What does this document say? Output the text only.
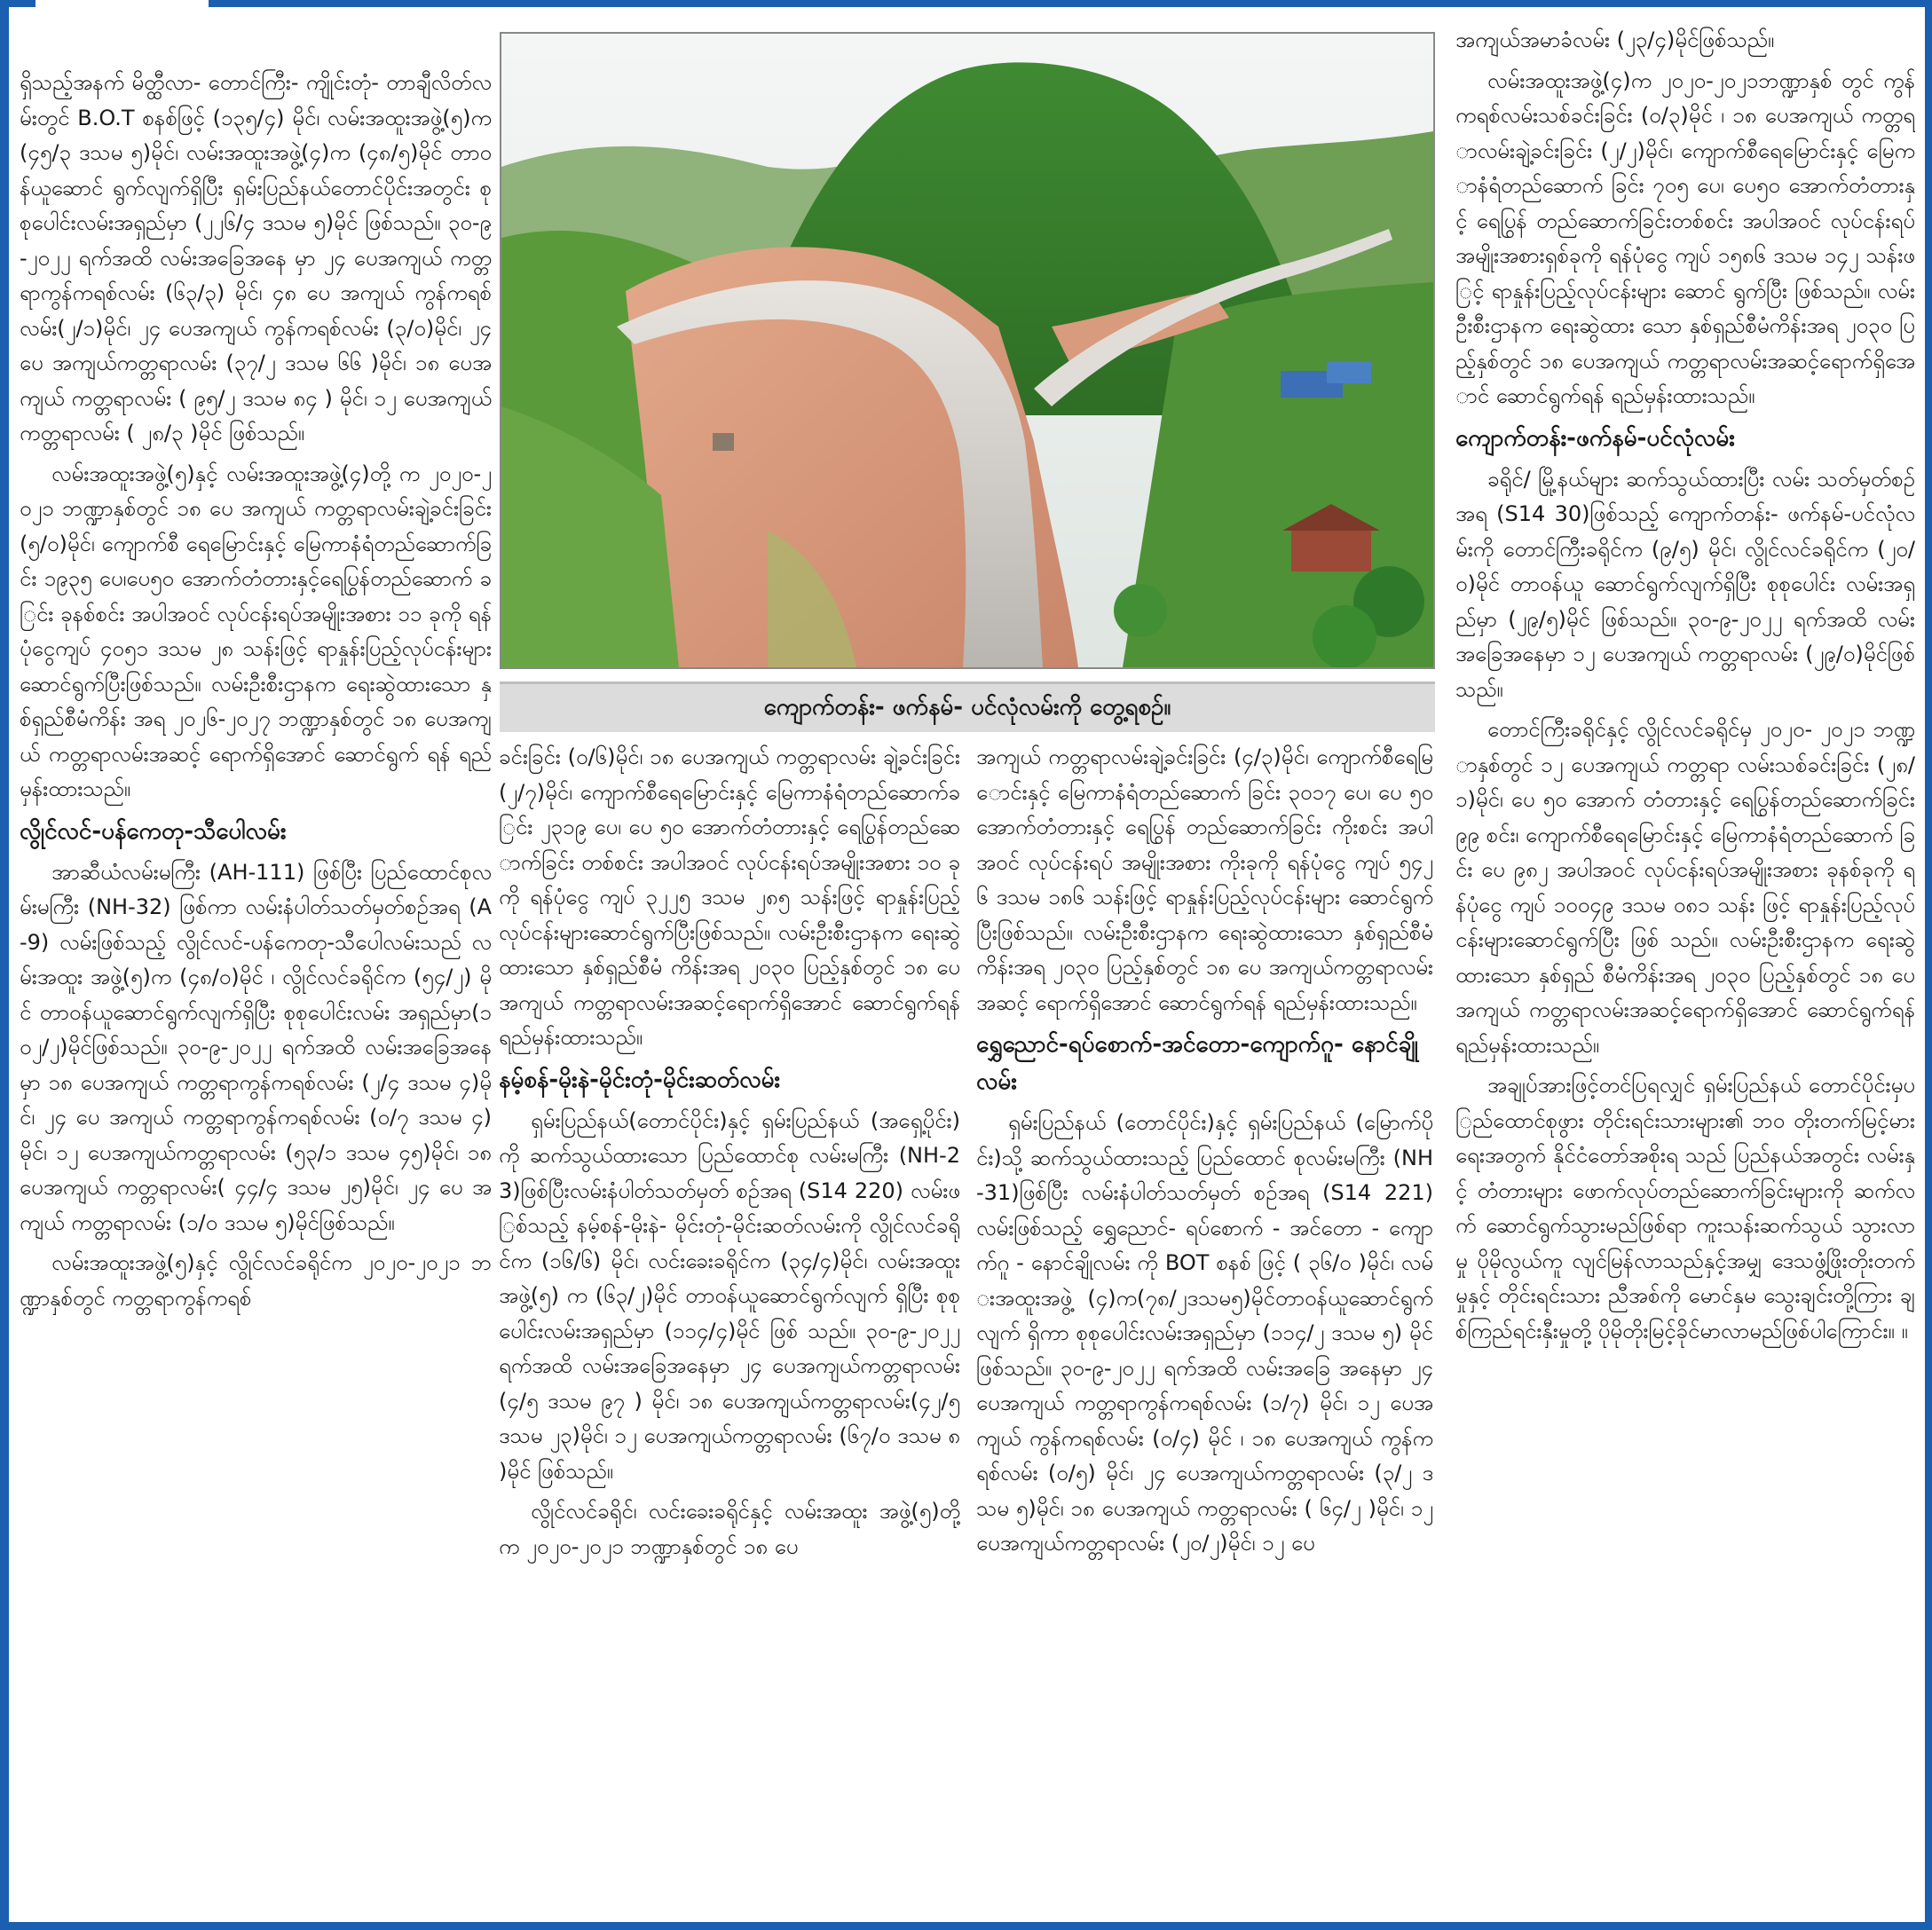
ရှိသည့်အနက် မိတ္ထီလာ- တောင်ကြီး- ကျိုင်းတုံ- တာချီလိတ်လမ်းတွင် B.O.T စနစ်ဖြင့် (၁၃၅/၄) မိုင်၊ လမ်းအထူးအဖွဲ့(၅)က (၄၅/၃ ဒသမ ၅)မိုင်၊ လမ်းအထူးအဖွဲ့(၄)က (၄၈/၅)မိုင် တာဝန်ယူဆောင် ရွက်လျက်ရှိပြီး ရှမ်းပြည်နယ်တောင်ပိုင်းအတွင်း စုစုပေါင်းလမ်းအရှည်မှာ (၂၂၆/၄ ဒသမ ၅)မိုင် ဖြစ်သည်။ ၃၀-၉-၂၀၂၂ ရက်အထိ လမ်းအခြေအနေ မှာ ၂၄ ပေအကျယ် ကတ္တရာကွန်ကရစ်လမ်း (၆၃/၃) မိုင်၊ ၄၈ ပေ အကျယ် ကွန်ကရစ်လမ်း(၂/၁)မိုင်၊ ၂၄ ပေအကျယ် ကွန်ကရစ်လမ်း (၃/၀)မိုင်၊ ၂၄ ပေ အကျယ်ကတ္တရာလမ်း (၃၇/၂ ဒသမ ၆၆ )မိုင်၊ ၁၈ ပေအကျယ် ကတ္တရာလမ်း ( ၉၅/၂ ဒသမ ၈၄ ) မိုင်၊ ၁၂ ပေအကျယ် ကတ္တရာလမ်း ( ၂၈/၃ )မိုင် ဖြစ်သည်။

လမ်းအထူးအဖွဲ့(၅)နှင့် လမ်းအထူးအဖွဲ့(၄)တို့ က ၂၀၂၀-၂၀၂၁ ဘဏ္ဍာနှစ်တွင် ၁၈ ပေ အကျယ် ကတ္တရာလမ်းချဲ့ခင်းခြင်း (၅/၀)မိုင်၊ ကျောက်စီ ရေမြောင်းနှင့် မြေကာနံရံတည်ဆောက်ခြင်း ၁၉၃၅ ပေ၊ပေ၅၀ အောက်တံတားနှင့်ရေပြွန်တည်ဆောက် ခြင်း ခုနစ်စင်း အပါအဝင် လုပ်ငန်းရပ်အမျိုးအစား ၁၁ ခုကို ရန်ပုံငွေကျပ် ၄၀၅၁ ဒသမ ၂၈ သန်းဖြင့် ရာနှုန်းပြည့်လုပ်ငန်းများ ဆောင်ရွက်ပြီးဖြစ်သည်။ လမ်းဦးစီးဌာနက ရေးဆွဲထားသော နှစ်ရှည်စီမံကိန်း အရ ၂၀၂၆-၂၀၂၇ ဘဏ္ဍာနှစ်တွင် ၁၈ ပေအကျယ် ကတ္တရာလမ်းအဆင့် ရောက်ရှိအောင် ဆောင်ရွက် ရန် ရည်မှန်းထားသည်။

လွိုင်လင်-ပန်ကေတု-သီပေါလမ်း

အာဆီယံလမ်းမကြီး (AH-111) ဖြစ်ပြီး ပြည်ထောင်စုလမ်းမကြီး (NH-32) ဖြစ်ကာ လမ်းနံပါတ်သတ်မှတ်စဉ်အရ (A-9) လမ်းဖြစ်သည့် လွိုင်လင်-ပန်ကေတု-သီပေါလမ်းသည် လမ်းအထူး အဖွဲ့(၅)က (၄၈/၀)မိုင် ၊ လွိုင်လင်ခရိုင်က (၅၄/၂) မိုင် တာဝန်ယူဆောင်ရွက်လျက်ရှိပြီး စုစုပေါင်းလမ်း အရှည်မှာ(၁၀၂/၂)မိုင်ဖြစ်သည်။ ၃၀-၉-၂၀၂၂ ရက်အထိ လမ်းအခြေအနေမှာ ၁၈ ပေအကျယ် ကတ္တရာကွန်ကရစ်လမ်း (၂/၄ ဒသမ ၄)မိုင်၊ ၂၄ ပေ အကျယ် ကတ္တရာကွန်ကရစ်လမ်း (၀/၇ ဒသမ ၄) မိုင်၊ ၁၂ ပေအကျယ်ကတ္တရာလမ်း (၅၃/၁ ဒသမ ၄၅)မိုင်၊ ၁၈ ပေအကျယ် ကတ္တရာလမ်း( ၄၄/၄ ဒသမ ၂၅)မိုင်၊ ၂၄ ပေ အကျယ် ကတ္တရာလမ်း (၁/၀ ဒသမ ၅)မိုင်ဖြစ်သည်။

လမ်းအထူးအဖွဲ့(၅)နှင့် လွိုင်လင်ခရိုင်က ၂၀၂၀-၂၀၂၁ ဘဏ္ဍာနှစ်တွင် ကတ္တရာကွန်ကရစ်

ကျောက်တန်း- ဖက်နမ်- ပင်လုံလမ်းကို တွေ့ရစဉ်။

ခင်းခြင်း (၀/၆)မိုင်၊ ၁၈ ပေအကျယ် ကတ္တရာလမ်း ချဲ့ခင်းခြင်း (၂/၇)မိုင်၊ ကျောက်စီရေမြောင်းနှင့် မြေကာနံရံတည်ဆောက်ခြင်း ၂၃၁၉ ပေ၊ ပေ ၅၀ အောက်တံတားနှင့် ရေပြွန်တည်ဆောက်ခြင်း တစ်စင်း အပါအဝင် လုပ်ငန်းရပ်အမျိုးအစား ၁၀ ခုကို ရန်ပုံငွေ ကျပ် ၃၂၂၅ ဒသမ ၂၈၅ သန်းဖြင့် ရာနှုန်းပြည့် လုပ်ငန်းများဆောင်ရွက်ပြီးဖြစ်သည်။ လမ်းဦးစီးဌာနက ရေးဆွဲထားသော နှစ်ရှည်စီမံ ကိန်းအရ ၂၀၃၀ ပြည့်နှစ်တွင် ၁၈ ပေအကျယ် ကတ္တရာလမ်းအဆင့်ရောက်ရှိအောင် ဆောင်ရွက်ရန် ရည်မှန်းထားသည်။

နမ့်စန်-မိုးနဲ-မိုင်းတုံ-မိုင်းဆတ်လမ်း

ရှမ်းပြည်နယ်(တောင်ပိုင်း)နှင့် ရှမ်းပြည်နယ် (အရှေ့ပိုင်း)ကို ဆက်သွယ်ထားသော ပြည်ထောင်စု လမ်းမကြီး (NH-23)ဖြစ်ပြီးလမ်းနံပါတ်သတ်မှတ် စဉ်အရ (S14 220) လမ်းဖြစ်သည့် နမ့်စန်-မိုးနဲ- မိုင်းတုံ-မိုင်းဆတ်လမ်းကို လွိုင်လင်ခရိုင်က (၁၆/၆) မိုင်၊ လင်းခေးခရိုင်က (၃၄/၄)မိုင်၊ လမ်းအထူးအဖွဲ့(၅) က (၆၃/၂)မိုင် တာဝန်ယူဆောင်ရွက်လျက် ရှိပြီး စုစုပေါင်းလမ်းအရှည်မှာ (၁၁၄/၄)မိုင် ဖြစ် သည်။ ၃၀-၉-၂၀၂၂ ရက်အထိ လမ်းအခြေအနေမှာ ၂၄ ပေအကျယ်ကတ္တရာလမ်း(၄/၅ ဒသမ ၉၇ ) မိုင်၊ ၁၈ ပေအကျယ်ကတ္တရာလမ်း(၄၂/၅ ဒသမ ၂၃)မိုင်၊ ၁၂ ပေအကျယ်ကတ္တရာလမ်း (၆၇/၀ ဒသမ ၈ )မိုင် ဖြစ်သည်။

လွိုင်လင်ခရိုင်၊ လင်းခေးခရိုင်နှင့် လမ်းအထူး အဖွဲ့(၅)တို့က ၂၀၂၀-၂၀၂၁ ဘဏ္ဍာနှစ်တွင် ၁၈ ပေ

အကျယ် ကတ္တရာလမ်းချဲ့ခင်းခြင်း (၄/၃)မိုင်၊ ကျောက်စီရေမြောင်းနှင့် မြေကာနံရံတည်ဆောက် ခြင်း ၃၀၁၇ ပေ၊ ပေ ၅၀ အောက်တံတားနှင့် ရေပြွန် တည်ဆောက်ခြင်း ကိုးစင်း အပါအဝင် လုပ်ငန်းရပ် အမျိုးအစား ကိုးခုကို ရန်ပုံငွေ ကျပ် ၅၄၂၆ ဒသမ ၁၈၆ သန်းဖြင့် ရာနှုန်းပြည့်လုပ်ငန်းများ ဆောင်ရွက် ပြီးဖြစ်သည်။ လမ်းဦးစီးဌာနက ရေးဆွဲထားသော နှစ်ရှည်စီမံကိန်းအရ ၂၀၃၀ ပြည့်နှစ်တွင် ၁၈ ပေ အကျယ်ကတ္တရာလမ်းအဆင့် ရောက်ရှိအောင် ဆောင်ရွက်ရန် ရည်မှန်းထားသည်။

ရွှေညောင်-ရပ်စောက်-အင်တော-ကျောက်ဂူ- နောင်ချိုလမ်း

ရှမ်းပြည်နယ် (တောင်ပိုင်း)နှင့် ရှမ်းပြည်နယ် (မြောက်ပိုင်း)သို့ ဆက်သွယ်ထားသည့် ပြည်ထောင် စုလမ်းမကြီး (NH-31)ဖြစ်ပြီး လမ်းနံပါတ်သတ်မှတ် စဉ်အရ (S14 221) လမ်းဖြစ်သည့် ရွှေညောင်- ရပ်စောက် - အင်တော - ကျောက်ဂူ - နောင်ချိုလမ်း ကို BOT စနစ် ဖြင့် ( ၃၆/၀ )မိုင်၊ လမ်းအထူးအဖွဲ့ (၄)က(၇၈/၂ဒသမ၅)မိုင်တာဝန်ယူဆောင်ရွက်လျက် ရှိကာ စုစုပေါင်းလမ်းအရှည်မှာ (၁၁၄/၂ ဒသမ ၅) မိုင်ဖြစ်သည်။ ၃၀-၉-၂၀၂၂ ရက်အထိ လမ်းအခြေ အနေမှာ ၂၄ ပေအကျယ် ကတ္တရာကွန်ကရစ်လမ်း (၁/၇) မိုင်၊ ၁၂ ပေအကျယ် ကွန်ကရစ်လမ်း (၀/၄) မိုင် ၊ ၁၈ ပေအကျယ် ကွန်ကရစ်လမ်း (၀/၅) မိုင်၊ ၂၄ ပေအကျယ်ကတ္တရာလမ်း (၃/၂ ဒသမ ၅)မိုင်၊ ၁၈ ပေအကျယ် ကတ္တရာလမ်း ( ၆၄/၂ )မိုင်၊ ၁၂ ပေအကျယ်ကတ္တရာလမ်း (၂၀/၂)မိုင်၊ ၁၂ ပေ

အကျယ်အမာခံလမ်း (၂၃/၄)မိုင်ဖြစ်သည်။

လမ်းအထူးအဖွဲ့(၄)က ၂၀၂၀-၂၀၂၁ဘဏ္ဍာနှစ် တွင် ကွန်ကရစ်လမ်းသစ်ခင်းခြင်း (၀/၃)မိုင် ၊ ၁၈ ပေအကျယ် ကတ္တရာလမ်းချဲ့ခင်းခြင်း (၂/၂)မိုင်၊ ကျောက်စီရေမြောင်းနှင့် မြေကာနံရံတည်ဆောက် ခြင်း ၇၀၅ ပေ၊ ပေ၅၀ အောက်တံတားနှင့် ရေပြွန် တည်ဆောက်ခြင်းတစ်စင်း အပါအဝင် လုပ်ငန်းရပ် အမျိုးအစားရှစ်ခုကို ရန်ပုံငွေ ကျပ် ၁၅၈၆ ဒသမ ၁၄၂ သန်းဖြင့် ရာနှုန်းပြည့်လုပ်ငန်းများ ဆောင် ရွက်ပြီး ဖြစ်သည်။ လမ်းဦးစီးဌာနက ရေးဆွဲထား သော နှစ်ရှည်စီမံကိန်းအရ ၂၀၃၀ ပြည့်နှစ်တွင် ၁၈ ပေအကျယ် ကတ္တရာလမ်းအဆင့်ရောက်ရှိအောင် ဆောင်ရွက်ရန် ရည်မှန်းထားသည်။

ကျောက်တန်း-ဖက်နမ်-ပင်လုံလမ်း

ခရိုင်/ မြို့နယ်များ ဆက်သွယ်ထားပြီး လမ်း သတ်မှတ်စဉ်အရ (S14 30)ဖြစ်သည့် ကျောက်တန်း- ဖက်နမ်-ပင်လုံလမ်းကို တောင်ကြီးခရိုင်က (၉/၅) မိုင်၊ လွိုင်လင်ခရိုင်က (၂၀/၀)မိုင် တာဝန်ယူ ဆောင်ရွက်လျက်ရှိပြီး စုစုပေါင်း လမ်းအရှည်မှာ (၂၉/၅)မိုင် ဖြစ်သည်။ ၃၀-၉-၂၀၂၂ ရက်အထိ လမ်း အခြေအနေမှာ ၁၂ ပေအကျယ် ကတ္တရာလမ်း (၂၉/၀)မိုင်ဖြစ်သည်။

တောင်ကြီးခရိုင်နှင့် လွိုင်လင်ခရိုင်မှ ၂၀၂၀- ၂၀၂၁ ဘဏ္ဍာနှစ်တွင် ၁၂ ပေအကျယ် ကတ္တရာ လမ်းသစ်ခင်းခြင်း (၂၈/၁)မိုင်၊ ပေ ၅၀ အောက် တံတားနှင့် ရေပြွန်တည်ဆောက်ခြင်း ၉၉ စင်း၊ ကျောက်စီရေမြောင်းနှင့် မြေကာနံရံတည်ဆောက် ခြင်း ပေ ၉၈၂ အပါအဝင် လုပ်ငန်းရပ်အမျိုးအစား ခုနစ်ခုကို ရန်ပုံငွေ ကျပ် ၁၀၀၄၉ ဒသမ ၀၈၁ သန်း ဖြင့် ရာနှုန်းပြည့်လုပ်ငန်းများဆောင်ရွက်ပြီး ဖြစ် သည်။ လမ်းဦးစီးဌာနက ရေးဆွဲထားသော နှစ်ရှည် စီမံကိန်းအရ ၂၀၃၀ ပြည့်နှစ်တွင် ၁၈ ပေအကျယ် ကတ္တရာလမ်းအဆင့်ရောက်ရှိအောင် ဆောင်ရွက်ရန် ရည်မှန်းထားသည်။

အချုပ်အားဖြင့်တင်ပြရလျှင် ရှမ်းပြည်နယ် တောင်ပိုင်းမှပြည်ထောင်စုဖွား တိုင်းရင်းသားများ၏ ဘဝ တိုးတက်မြင့်မားရေးအတွက် နိုင်ငံတော်အစိုးရ သည် ပြည်နယ်အတွင်း လမ်းနှင့် တံတားများ ဖောက်လုပ်တည်ဆောက်ခြင်းများကို ဆက်လက် ဆောင်ရွက်သွားမည်ဖြစ်ရာ ကူးသန်းဆက်သွယ် သွားလာမှု ပိုမိုလွယ်ကူ လျင်မြန်လာသည်နှင့်အမျှ ဒေသဖွံ့ဖြိုးတိုးတက်မှုနှင့် တိုင်းရင်းသား ညီအစ်ကို မောင်နှမ သွေးချင်းတို့ကြား ချစ်ကြည်ရင်းနှီးမှုတို့ ပိုမိုတိုးမြင့်ခိုင်မာလာမည်ဖြစ်ပါကြောင်း။ ။
